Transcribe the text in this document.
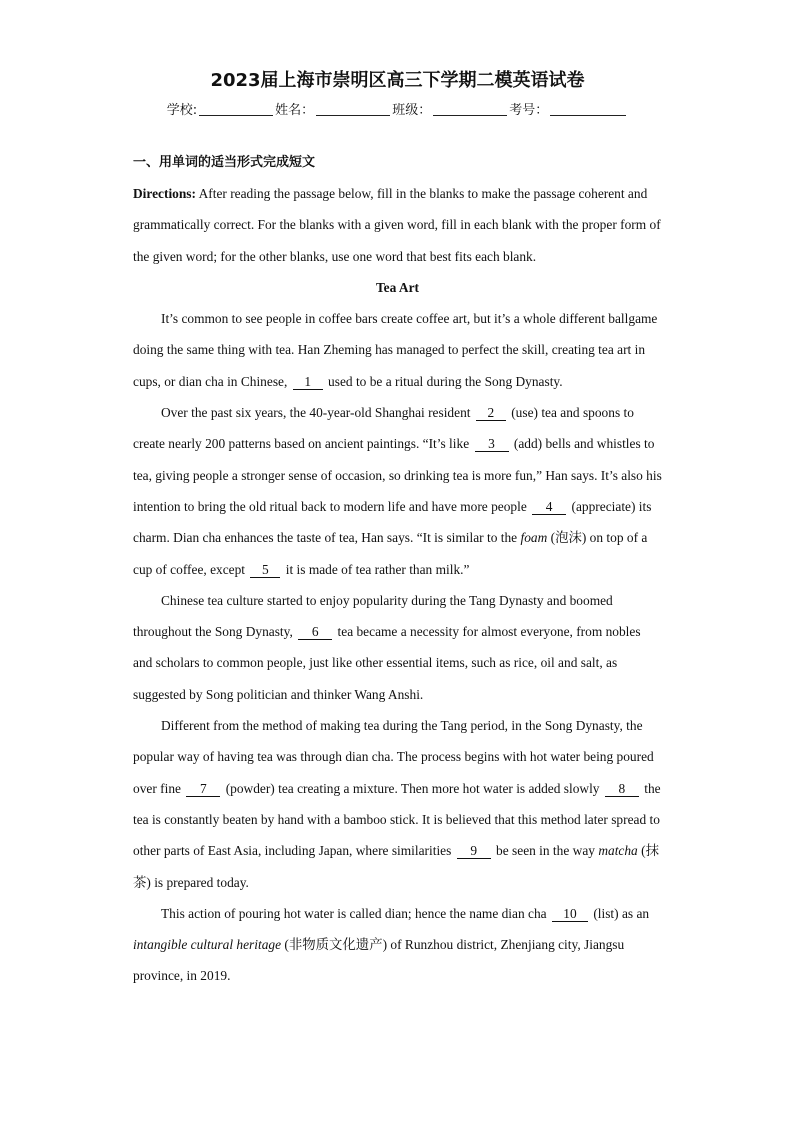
2023届上海市崇明区高三下学期二模英语试卷
学校:	姓名：	班级：	考号：
一、用单词的适当形式完成短文
Directions: After reading the passage below, fill in the blanks to make the passage coherent and grammatically correct. For the blanks with a given word, fill in each blank with the proper form of the given word; for the other blanks, use one word that best fits each blank.
Tea Art
It’s common to see people in coffee bars create coffee art, but it’s a whole different ballgame doing the same thing with tea. Han Zheming has managed to perfect the skill, creating tea art in cups, or dian cha in Chinese, 1 used to be a ritual during the Song Dynasty.
Over the past six years, the 40-year-old Shanghai resident 2 (use) tea and spoons to create nearly 200 patterns based on ancient paintings. “It’s like 3 (add) bells and whistles to tea, giving people a stronger sense of occasion, so drinking tea is more fun,” Han says. It’s also his intention to bring the old ritual back to modern life and have more people 4 (appreciate) its charm. Dian cha enhances the taste of tea, Han says. “It is similar to the foam (泡沫) on top of a cup of coffee, except 5 it is made of tea rather than milk.”
Chinese tea culture started to enjoy popularity during the Tang Dynasty and boomed throughout the Song Dynasty, 6 tea became a necessity for almost everyone, from nobles and scholars to common people, just like other essential items, such as rice, oil and salt, as suggested by Song politician and thinker Wang Anshi.
Different from the method of making tea during the Tang period, in the Song Dynasty, the popular way of having tea was through dian cha. The process begins with hot water being poured over fine 7 (powder) tea creating a mixture. Then more hot water is added slowly 8 the tea is constantly beaten by hand with a bamboo stick. It is believed that this method later spread to other parts of East Asia, including Japan, where similarities 9 be seen in the way matcha (抹茶) is prepared today.
This action of pouring hot water is called dian; hence the name dian cha 10 (list) as an intangible cultural heritage (非物质文化遗产) of Runzhou district, Zhenjiang city, Jiangsu province, in 2019.
